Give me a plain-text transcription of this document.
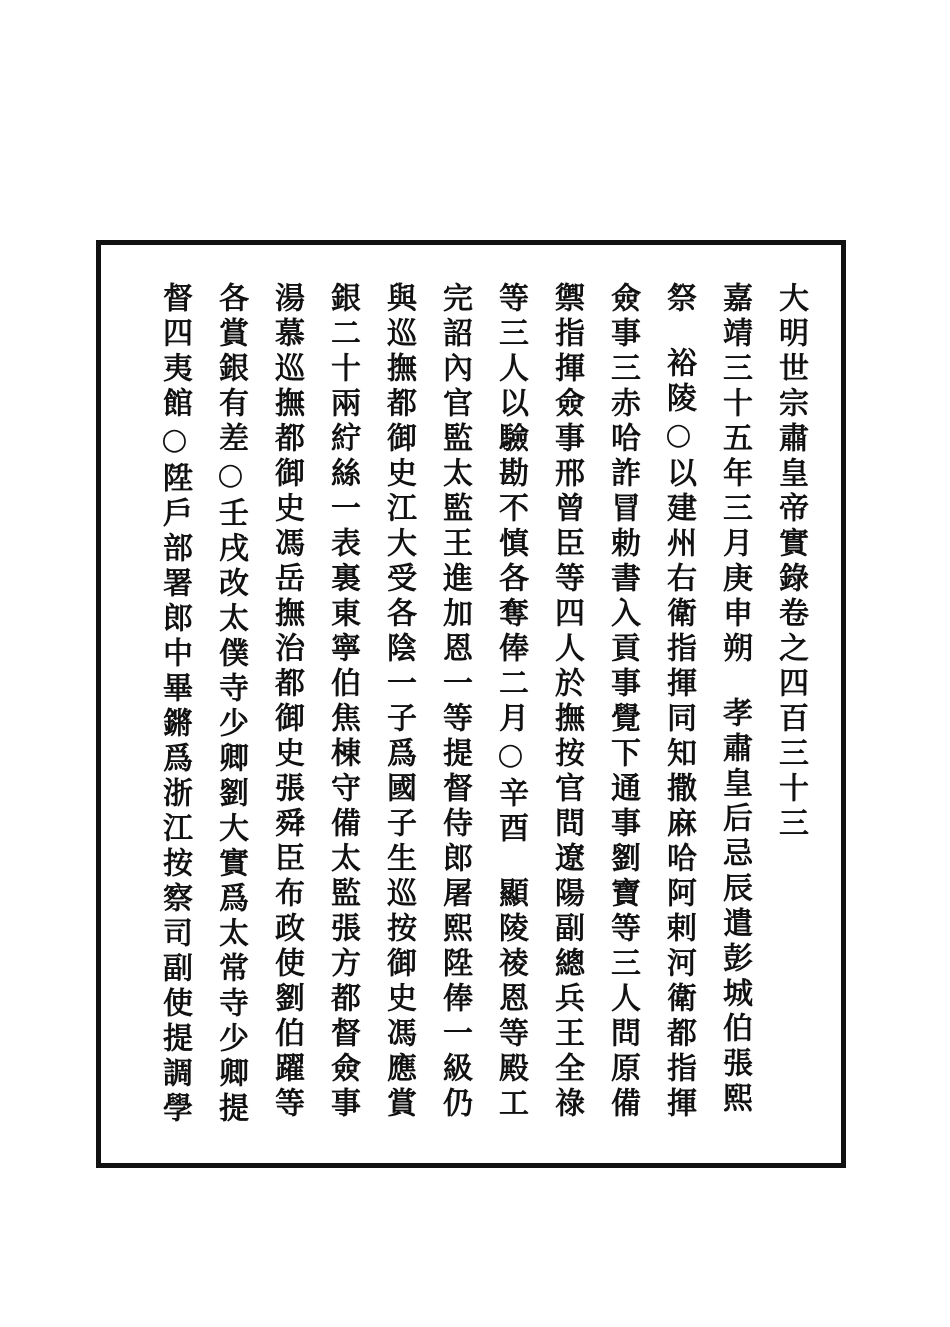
大明世宗肅皇帝實錄卷之四百三十三

嘉靖三十五年三月庚申朔孝肅皇后忌辰遣彭城伯張熙

祭裕陵○以建州右衛指揮同知撒麻哈阿剌河衛都指揮

僉事三赤哈詐冒勅書入貢事覺下通事劉寶等三人問原備

禦指揮僉事邢曾臣等四人於撫按官問遼陽副總兵王全祿

等三人以驗勘不慎各奪俸二月○辛酉顯陵祾恩等殿工

完詔內官監太監王進加恩一等提督侍郎屠熙陞俸一級仍

與巡撫都御史江大受各陰一子爲國子生巡按御史馮應賞

銀二十兩紵絲一表裏東寧伯焦棟守備太監張方都督僉事

湯慕巡撫都御史馮岳撫治都御史張舜臣布政使劉伯躍等

各賞銀有差○壬戌改太僕寺少卿劉大實爲太常寺少卿提

督四夷館○陞戶部署郎中畢鏘爲浙江按察司副使提調學
